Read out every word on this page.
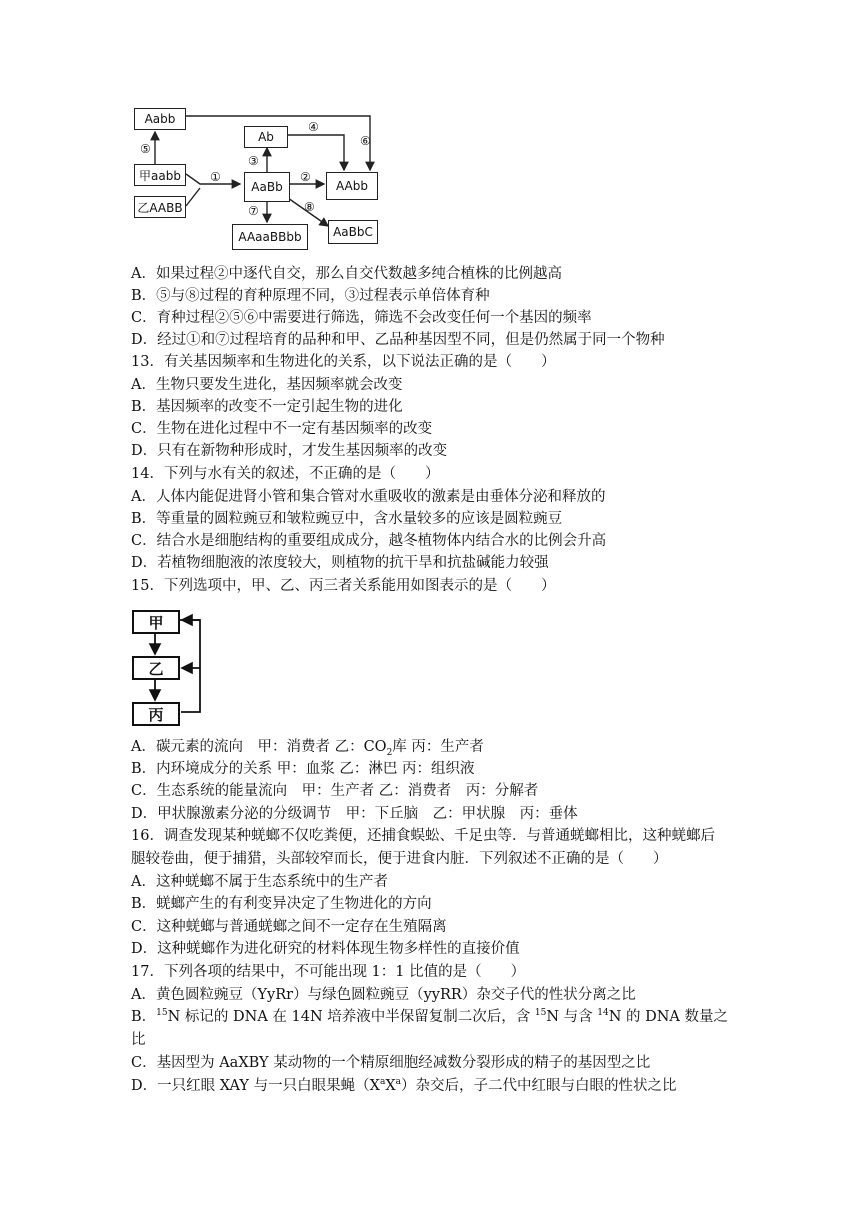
Aabb
甲aabb
乙AABB
Ab
AaBb	AAbb
AAaaBBbb	AaBbC
①	②
③
④
⑤
⑥
⑦	⑧
A．如果过程②中逐代自交，那么自交代数越多纯合植株的比例越高
B．⑤与⑧过程的育种原理不同，③过程表示单倍体育种
C．育种过程②⑤⑥中需要进行筛选，筛选不会改变任何一个基因的频率
D．经过①和⑦过程培育的品种和甲、乙品种基因型不同，但是仍然属于同一个物种
13．有关基因频率和生物进化的关系，以下说法正确的是（　　）
A．生物只要发生进化，基因频率就会改变
B．基因频率的改变不一定引起生物的进化
C．生物在进化过程中不一定有基因频率的改变
D．只有在新物种形成时，才发生基因频率的改变
14．下列与水有关的叙述，不正确的是（　　）
A．人体内能促进肾小管和集合管对水重吸收的激素是由垂体分泌和释放的
B．等重量的圆粒豌豆和皱粒豌豆中，含水量较多的应该是圆粒豌豆
C．结合水是细胞结构的重要组成成分，越冬植物体内结合水的比例会升高
D．若植物细胞液的浓度较大，则植物的抗干旱和抗盐碱能力较强
15．下列选项中，甲、乙、丙三者关系能用如图表示的是（　　）
甲
乙
丙
A．碳元素的流向　甲：消费者 乙：$CO_2$库 丙：生产者
B．内环境成分的关系 甲：血浆 乙：淋巴 丙：组织液
C．生态系统的能量流向　甲：生产者 乙：消费者　丙：分解者
D．甲状腺激素分泌的分级调节　甲：下丘脑　乙：甲状腺　丙：垂体
16．调查发现某种蜣螂不仅吃粪便，还捕食蜈蚣、千足虫等．与普通蜣螂相比，这种蜣螂后
腿较卷曲，便于捕猎，头部较窄而长，便于进食内脏．下列叙述不正确的是（　　）
A．这种蜣螂不属于生态系统中的生产者
B．蜣螂产生的有利变异决定了生物进化的方向
C．这种蜣螂与普通蜣螂之间不一定存在生殖隔离
D．这种蜣螂作为进化研究的材料体现生物多样性的直接价值
17．下列各项的结果中，不可能出现 1：1 比值的是（　　）
A．黄色圆粒豌豆（YyRr）与绿色圆粒豌豆（yyRR）杂交子代的性状分离之比
B．$^{15}$N 标记的 DNA 在 14N 培养液中半保留复制二次后，含 $^{15}$N 与含 $^{14}$N 的 DNA 数量之
比
C．基因型为 AaXBY 某动物的一个精原细胞经减数分裂形成的精子的基因型之比
D．一只红眼 XAY 与一只白眼果蝇$(X^aX^a)$杂交后，子二代中红眼与白眼的性状之比
